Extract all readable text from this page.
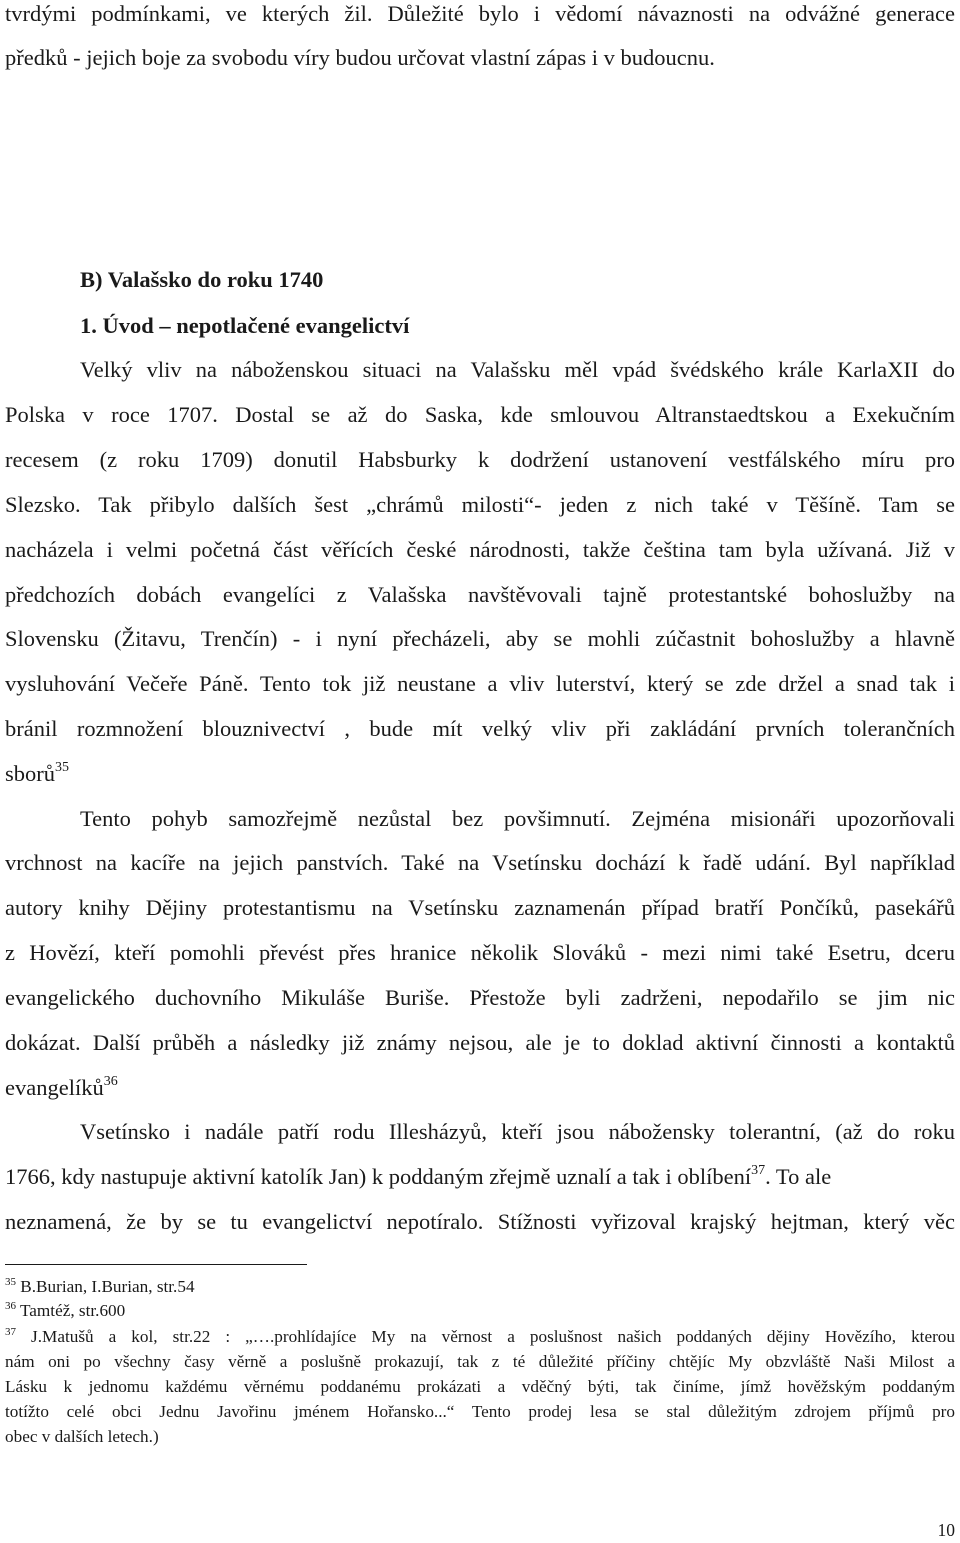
tvrdými podmínkami, ve kterých žil. Důležité bylo i vědomí návaznosti na odvážné generace
předků - jejich boje za svobodu víry budou určovat vlastní zápas i v budoucnu.
B) Valašsko do roku 1740
1. Úvod – nepotlačené evangelictví
Velký vliv na náboženskou situaci na Valašsku měl vpád švédského krále KarlaXII do
Polska v roce 1707. Dostal se až do Saska, kde smlouvou Altranstaedtskou a Exekučním
recesem (z roku 1709) donutil Habsburky k dodržení ustanovení vestfálského míru pro
Slezsko. Tak přibylo dalších šest „chrámů milosti“- jeden z nich také v Těšíně. Tam se
nacházela i velmi početná část věřících české národnosti, takže čeština tam byla užívaná. Již v
předchozích dobách evangelíci z Valašska navštěvovali tajně protestantské bohoslužby na
Slovensku (Žitavu, Trenčín) - i nyní přecházeli, aby se mohli zúčastnit bohoslužby a hlavně
vysluhování Večeře Páně. Tento tok již neustane a vliv luterství, který se zde držel a snad tak i
bránil rozmnožení blouznivectví , bude mít velký vliv při zakládání prvních tolerančních
sborů$^{35}$
Tento pohyb samozřejmě nezůstal bez povšimnutí. Zejména misionáři upozorňovali
vrchnost na kacíře na jejich panstvích. Také na Vsetínsku dochází k řadě udání. Byl například
autory knihy Dějiny protestantismu na Vsetínsku zaznamenán případ bratří Pončíků, pasekářů
z Hovězí, kteří pomohli převést přes hranice několik Slováků - mezi nimi také Esetru, dceru
evangelického duchovního Mikuláše Buriše. Přestože byli zadrženi, nepodařilo se jim nic
dokázat. Další průběh a následky již známy nejsou, ale je to doklad aktivní činnosti a kontaktů
evangelíků$^{36}$
Vsetínsko i nadále patří rodu Illesházyů, kteří jsou nábožensky tolerantní, (až do roku
1766, kdy nastupuje aktivní katolík Jan) k poddaným zřejmě uznalí a tak i oblíbení$^{37}$. To ale
neznamená, že by se tu evangelictví nepotíralo. Stížnosti vyřizoval krajský hejtman, který věc
$^{35}$ B.Burian, I.Burian, str.54
$^{36}$ Tamtéž, str.600
$^{37}$ J.Matušů a kol, str.22 : „….prohlídajíce My na věrnost a poslušnost našich poddaných dějiny Hovězího, kterou
nám oni po všechny časy věrně a poslušně prokazují, tak z té důležité příčiny chtějíc My obzvláště Naši Milost a
Lásku k jednomu každému věrnému poddanému prokázati a vděčný býti, tak činíme, jímž hověžským poddaným
totížto celé obci Jednu Javořinu jménem Hořansko...“ Tento prodej lesa se stal důležitým zdrojem příjmů pro
obec v dalších letech.)
10
